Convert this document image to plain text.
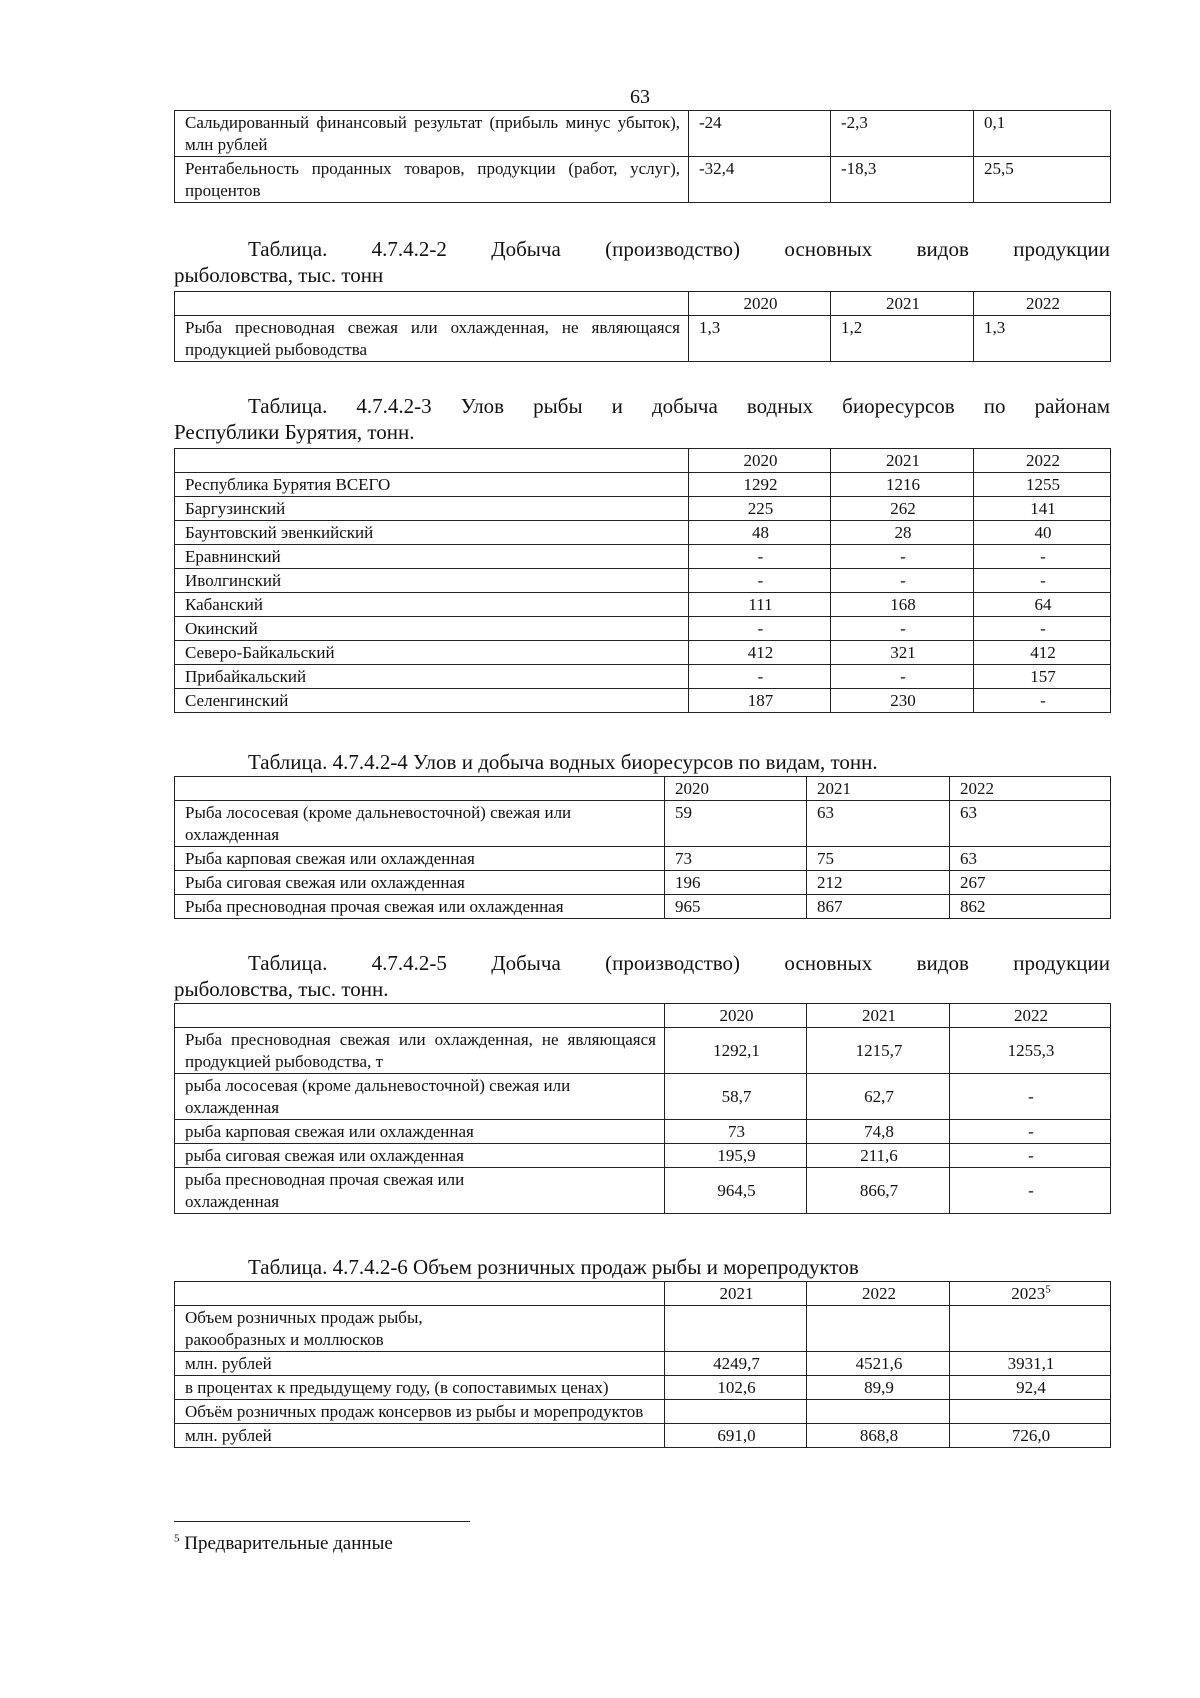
63
Сальдированный финансовый результат (прибыль минус убыток), млн рублей	-24	-2,3	0,1
Рентабельность проданных товаров, продукции (работ, услуг), процентов	-32,4	-18,3	25,5

Таблица. 4.7.4.2-2 Добыча (производство) основных видов продукции

рыболовства, тыс. тонн

	2020	2021	2022
Рыба пресноводная свежая или охлажденная, не являющаяся продукцией рыбоводства	1,3	1,2	1,3

Таблица. 4.7.4.2-3 Улов рыбы и добыча водных биоресурсов по районам

Республики Бурятия, тонн.

	2020	2021	2022
Республика Бурятия ВСЕГО	1292	1216	1255
Баргузинский	225	262	141
Баунтовский эвенкийский	48	28	40
Еравнинский	-	-	-
Иволгинский	-	-	-
Кабанский	111	168	64
Окинский	-	-	-
Северо-Байкальский	412	321	412
Прибайкальский	-	-	157
Селенгинский	187	230	-

Таблица. 4.7.4.2-4 Улов и добыча водных биоресурсов по видам, тонн.

	2020	2021	2022
Рыба лососевая (кроме дальневосточной) свежая или охлажденная	59	63	63
Рыба карповая свежая или охлажденная	73	75	63
Рыба сиговая свежая или охлажденная	196	212	267
Рыба пресноводная прочая свежая или охлажденная	965	867	862

Таблица. 4.7.4.2-5 Добыча (производство) основных видов продукции

рыболовства, тыс. тонн.

	2020	2021	2022
Рыба пресноводная свежая или охлажденная, не являющаяся продукцией рыбоводства, т	1292,1	1215,7	1255,3
рыба лососевая (кроме дальневосточной) свежая или охлажденная	58,7	62,7	-
рыба карповая свежая или охлажденная	73	74,8	-
рыба сиговая свежая или охлажденная	195,9	211,6	-
рыба пресноводная прочая свежая или охлажденная	964,5	866,7	-

Таблица. 4.7.4.2-6 Объем розничных продаж рыбы и морепродуктов

	2021	2022	2023$^5$
Объем розничных продаж рыбы, ракообразных и моллюсков			
млн. рублей	4249,7	4521,6	3931,1
в процентах к предыдущему году, (в сопоставимых ценах)	102,6	89,9	92,4
Объём розничных продаж консервов из рыбы и морепродуктов			
млн. рублей	691,0	868,8	726,0
$^5$ Предварительные данные
